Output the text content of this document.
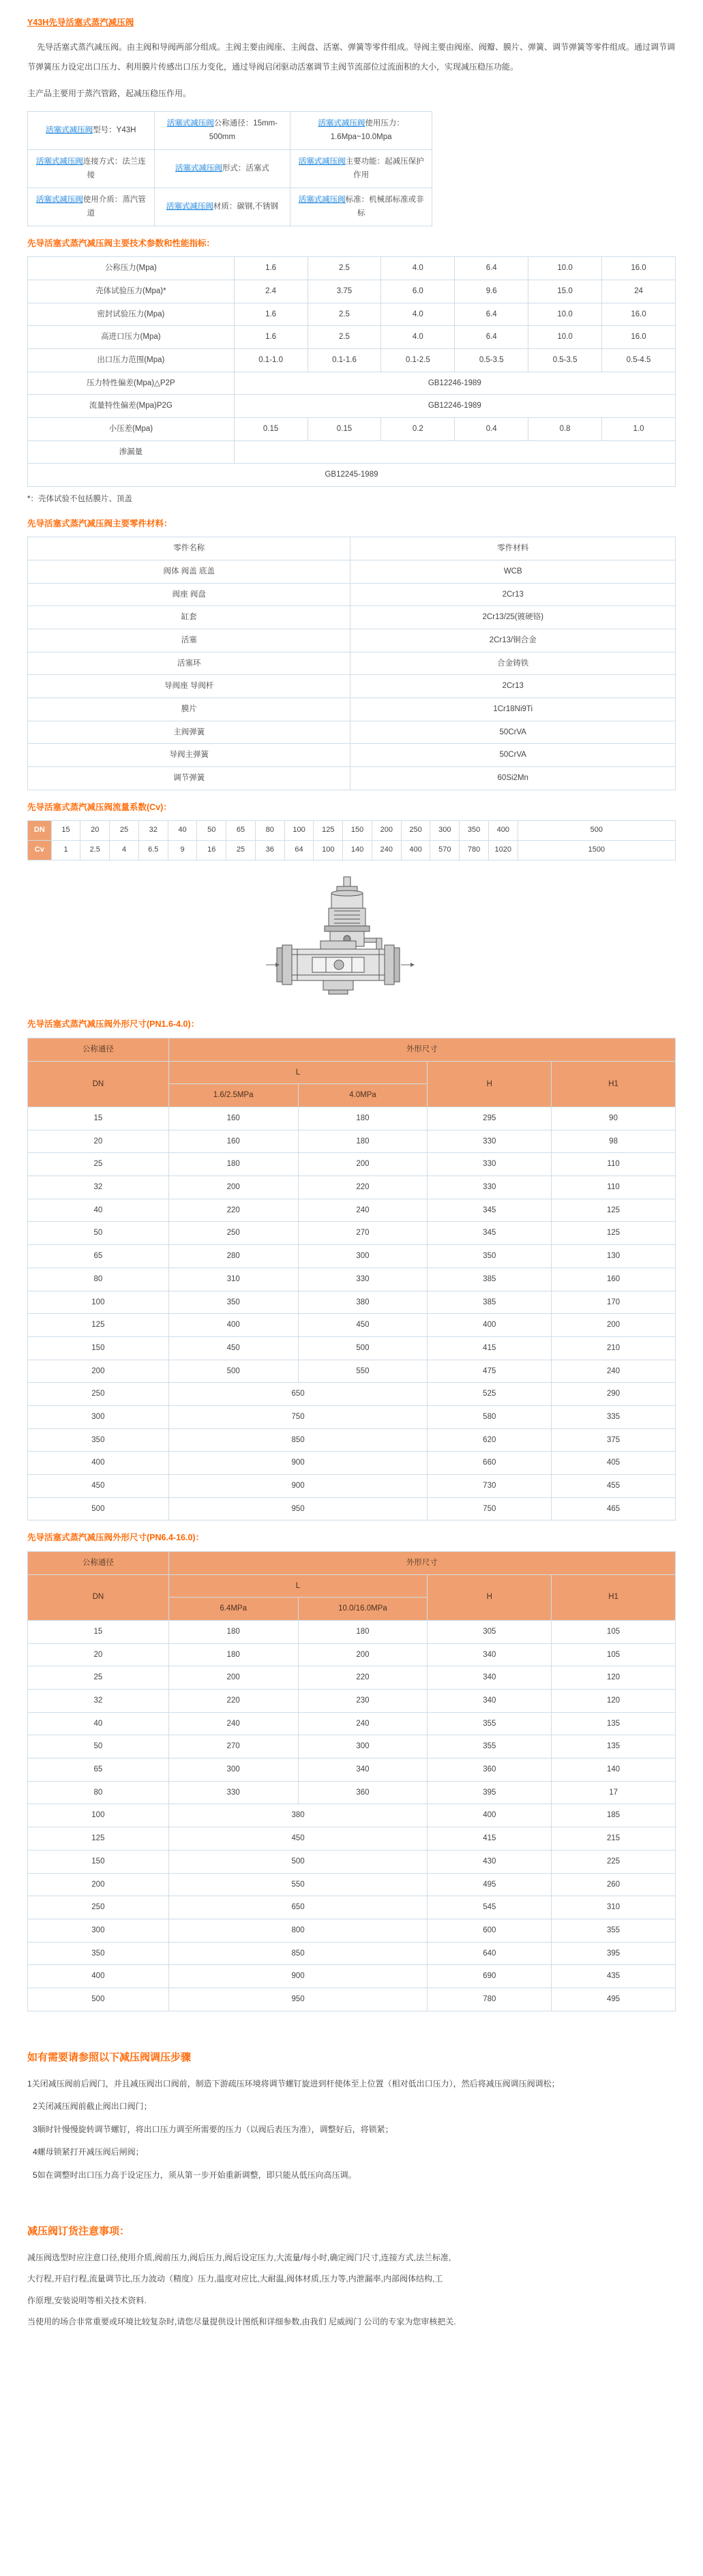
Y43H先导活塞式蒸汽减压阀

先导活塞式蒸汽减压阀。由主阀和导阀两部分组成。主阀主要由阀座、主阀盘、活塞、弹簧等零件组成。导阀主要由阀座、阀瓣、膜片、弹簧、调节弹簧等零件组成。通过调节调节弹簧压力设定出口压力、利用膜片传感出口压力变化，通过导阀启闭驱动活塞调节主阀节流部位过流面积的大小，实现减压稳压功能。

主产品主要用于蒸汽管路，起减压稳压作用。

活塞式减压阀型号：Y43H	活塞式减压阀公称通径：15mm-500mm	活塞式减压阀使用压力：1.6Mpa~10.0Mpa
活塞式减压阀连接方式：法兰连接	活塞式减压阀形式：活塞式	活塞式减压阀主要功能：起减压保护作用
活塞式减压阀使用介质：蒸汽管道	活塞式减压阀材质：碳钢,不锈钢	活塞式减压阀标准：机械部标准或非标
先导活塞式蒸汽减压阀主要技术参数和性能指标：
公称压力(Mpa)	1.6	2.5	4.0	6.4	10.0	16.0
壳体试验压力(Mpa)*	2.4	3.75	6.0	9.6	15.0	24
密封试验压力(Mpa)	1.6	2.5	4.0	6.4	10.0	16.0
高进口压力(Mpa)	1.6	2.5	4.0	6.4	10.0	16.0
出口压力范围(Mpa)	0.1-1.0	0.1-1.6	0.1-2.5	0.5-3.5	0.5-3.5	0.5-4.5
压力特性偏差(Mpa)△P2P	GB12246-1989					
流量特性偏差(Mpa)P2G	GB12246-1989					
小压差(Mpa)	0.15	0.15	0.2	0.4	0.8	1.0
渗漏量						
GB12245-1989						
*：壳体试验不包括膜片、顶盖
先导活塞式蒸汽减压阀主要零件材料：
零件名称	零件材料
阀体 阀盖 底盖	WCB
阀座 阀盘	2Cr13
缸套	2Cr13/25(镀硬铬)
活塞	2Cr13/铜合金
活塞环	合金铸铁
导阀座 导阀杆	2Cr13
膜片	1Cr18Ni9Ti
主阀弹簧	50CrVA
导阀主弹簧	50CrVA
调节弹簧	60Si2Mn
先导活塞式蒸汽减压阀流量系数(Cv)：
DN	15	20	25	32	40	50	65	80	100	125	150	200	250	300	350	400	500
Cv	1	2.5	4	6.5	9	16	25	36	64	100	140	240	400	570	780	1020	1500
先导活塞式蒸汽减压阀外形尺寸(PN1.6-4.0)：
公称通径	外形尺寸			
DN	L		H	H1
	1.6/2.5MPa	4.0MPa		
15	160	180	295	90
20	160	180	330	98
25	180	200	330	110
32	200	220	330	110
40	220	240	345	125
50	250	270	345	125
65	280	300	350	130
80	310	330	385	160
100	350	380	385	170
125	400	450	400	200
150	450	500	415	210
200	500	550	475	240
250	650		525	290
300	750		580	335
350	850		620	375
400	900		660	405
450	900		730	455
500	950		750	465
先导活塞式蒸汽减压阀外形尺寸(PN6.4-16.0)：
公称通径	外形尺寸			
DN	L		H	H1
	6.4MPa	10.0/16.0MPa		
15	180	180	305	105
20	180	200	340	105
25	200	220	340	120
32	220	230	340	120
40	240	240	355	135
50	270	300	355	135
65	300	340	360	140
80	330	360	395	17
100	380		400	185
125	450		415	215
150	500		430	225
200	550		495	260
250	650		545	310
300	800		600	355
350	850		640	395
400	900		690	435
500	950		780	495
如有需要请参照以下减压阀调压步骤
1关闭减压阀前后阀门，并且减压阀出口阀前，制造下游疏压环境将调节螺钉旋进到杆使体至上位置（相对低出口压力），然后将减压阀调压阀调松；
2关闭减压阀前截止阀出口阀门；
3顺时针慢慢旋转调节螺钉，将出口压力调至所需要的压力（以阀后表压为准），调整好后，将锁紧；
4螺母锁紧打开减压阀后闸阀；
5如在调整时出口压力高于设定压力，须从第一步开始重新调整，即只能从低压向高压调。
减压阀订货注意事项：
减压阀选型时应注意口径,使用介质,阀前压力,阀后压力,阀后设定压力,大流量/每小时,确定阀门尺寸,连接方式,法兰标准,
大行程,开启行程,流量调节比,压力波动（精度）压力,温度对应比,大耐温,阀体材质,压力等,内泄漏率,内部阀体结构,工
作原理,安装说明等相关技术资料.
当使用的场合非常重要或环境比较复杂时,请您尽量提供设计图纸和详细参数,由我们 尼威阀门 公司的专家为您审核把关.
